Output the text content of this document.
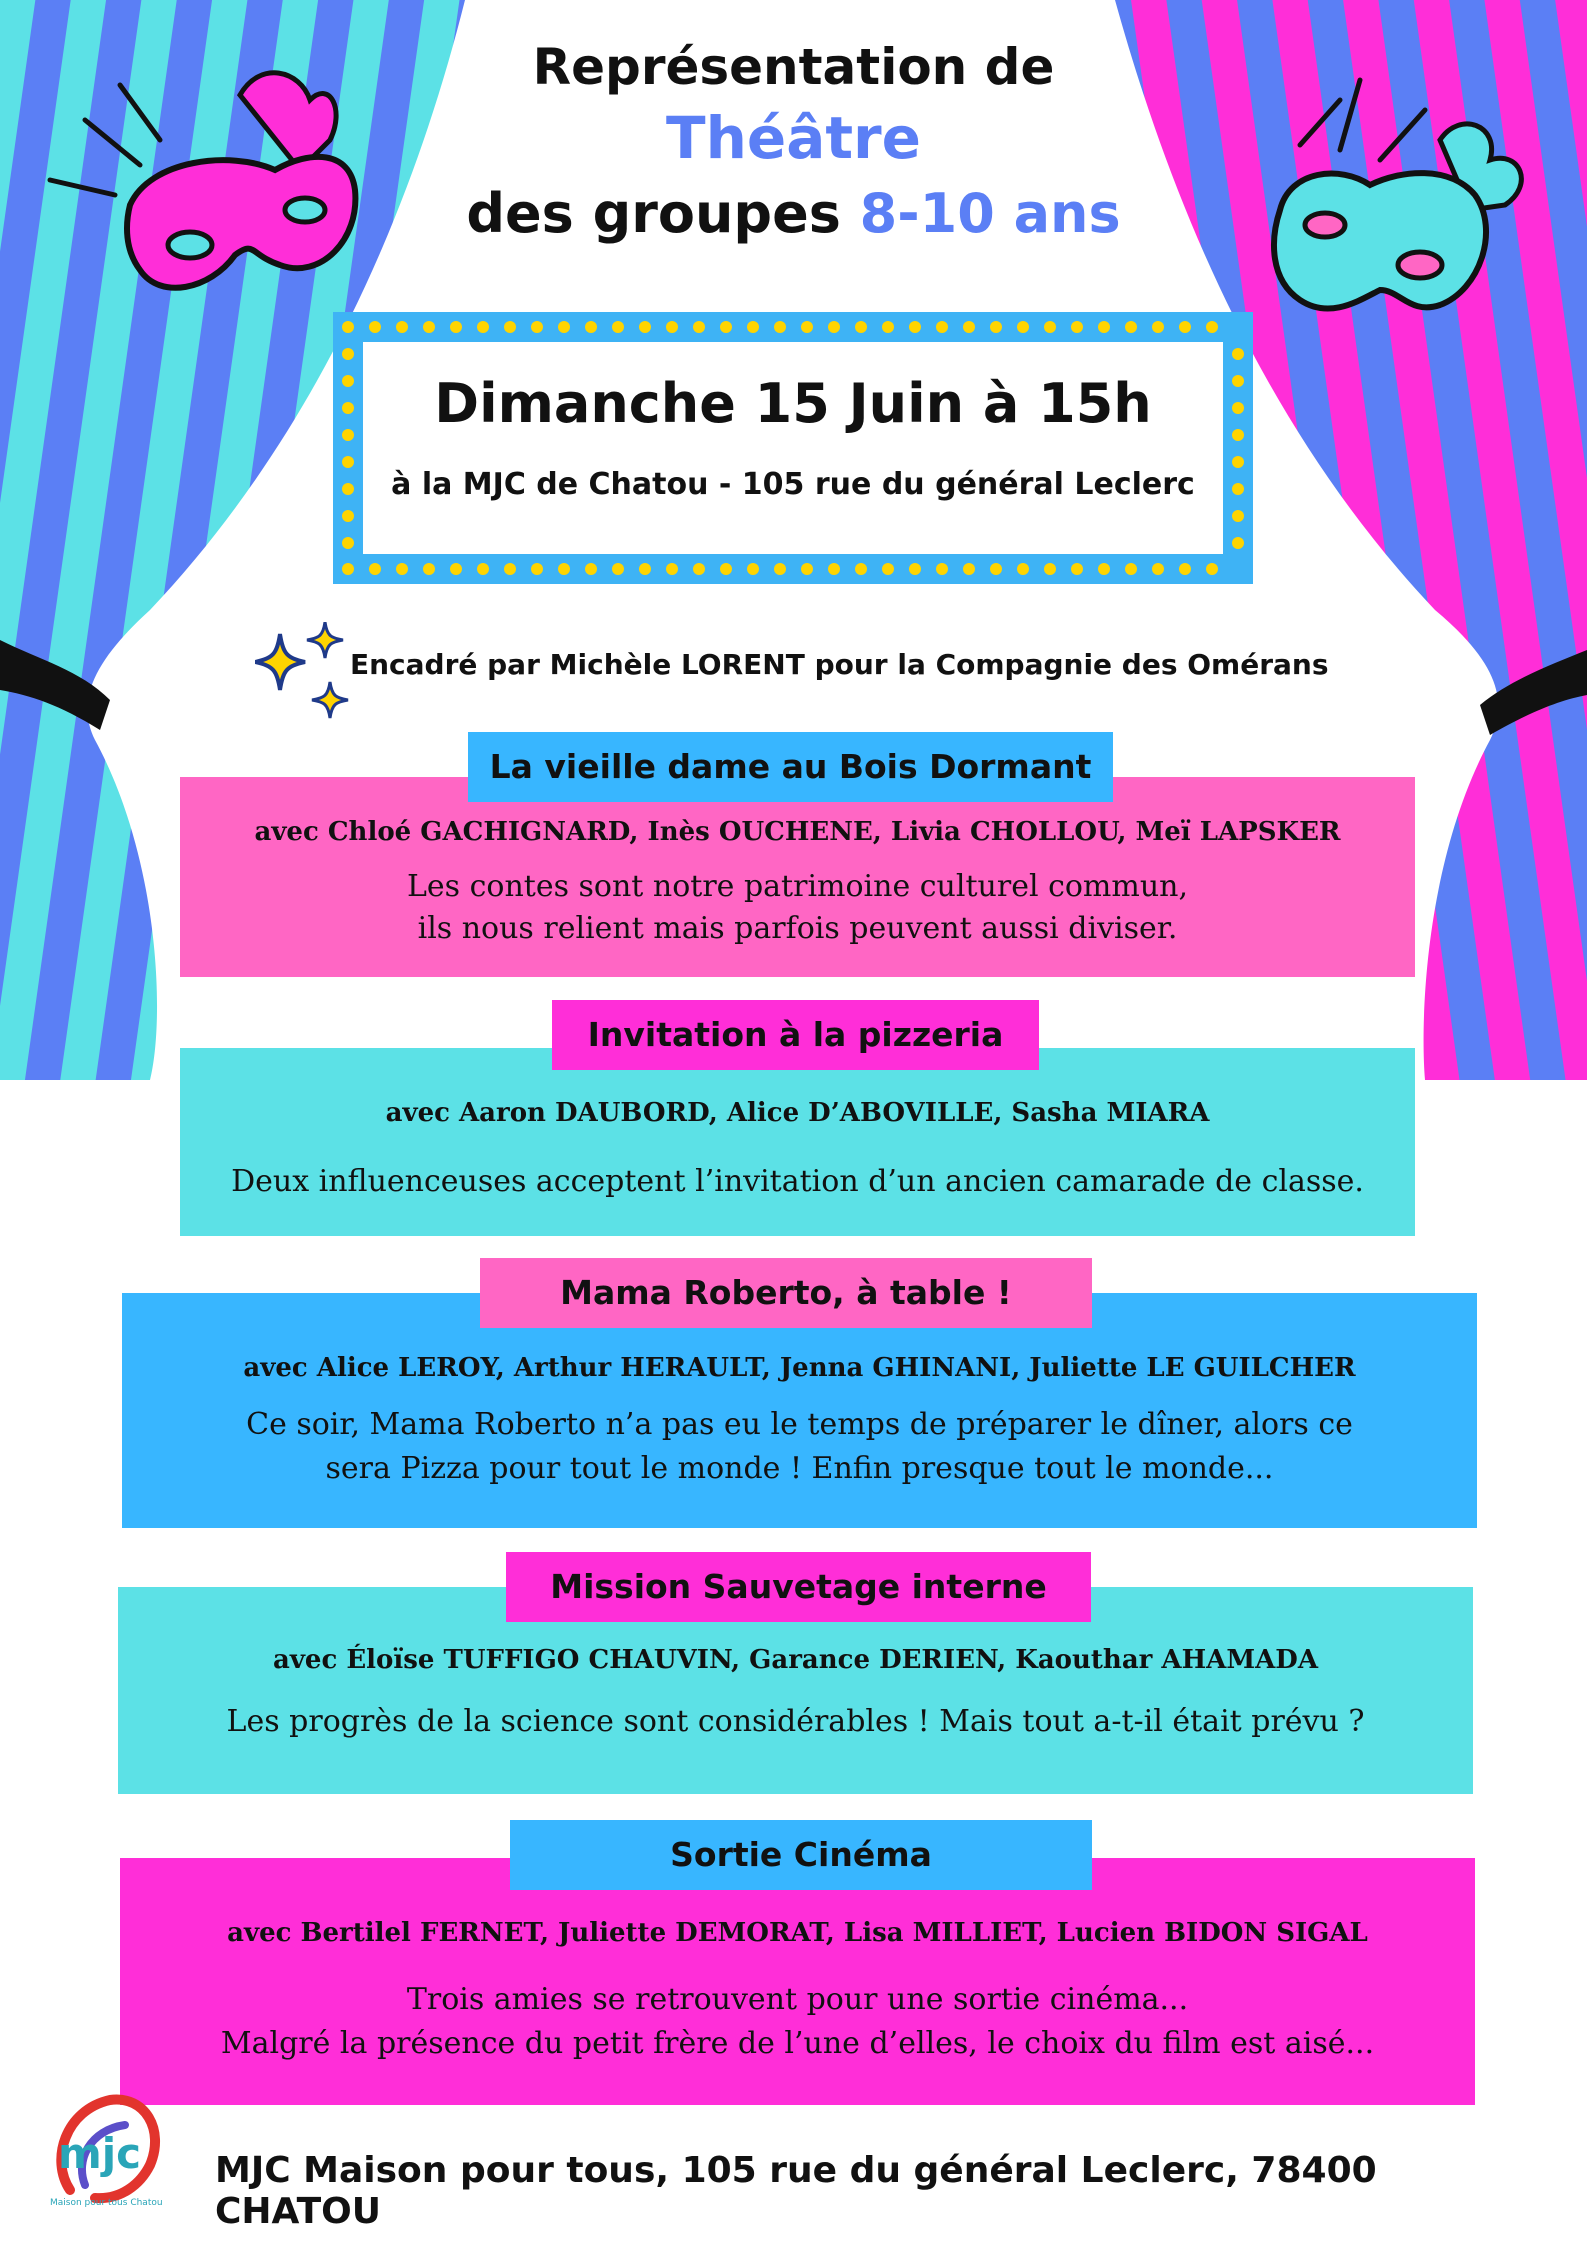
Représentation de
Théâtre
des groupes 8-10 ans
Dimanche 15 Juin à 15h
à la MJC de Chatou - 105 rue du général Leclerc
Encadré par Michèle LORENT pour la Compagnie des Omérans
La vieille dame au Bois Dormant
avec Chloé GACHIGNARD, Inès OUCHENE, Livia CHOLLOU, Meï LAPSKER
Les contes sont notre patrimoine culturel commun,
ils nous relient mais parfois peuvent aussi diviser.
Invitation à la pizzeria
avec Aaron DAUBORD, Alice D’ABOVILLE, Sasha MIARA
Deux influenceuses acceptent l’invitation d’un ancien camarade de classe.
Mama Roberto, à table !
avec Alice LEROY, Arthur HERAULT, Jenna GHINANI, Juliette LE GUILCHER
Ce soir, Mama Roberto n’a pas eu le temps de préparer le dîner, alors ce
sera Pizza pour tout le monde ! Enfin presque tout le monde...
Mission Sauvetage interne
avec Éloïse TUFFIGO CHAUVIN, Garance DERIEN, Kaouthar AHAMADA
Les progrès de la science sont considérables ! Mais tout a-t-il était prévu ?
Sortie Cinéma
avec Bertilel FERNET, Juliette DEMORAT, Lisa MILLIET, Lucien BIDON SIGAL
Trois amies se retrouvent pour une sortie cinéma...
Malgré la présence du petit frère de l’une d’elles, le choix du film est aisé...
mjc
Maison pour tous Chatou
MJC Maison pour tous, 105 rue du général Leclerc, 78400 CHATOU
